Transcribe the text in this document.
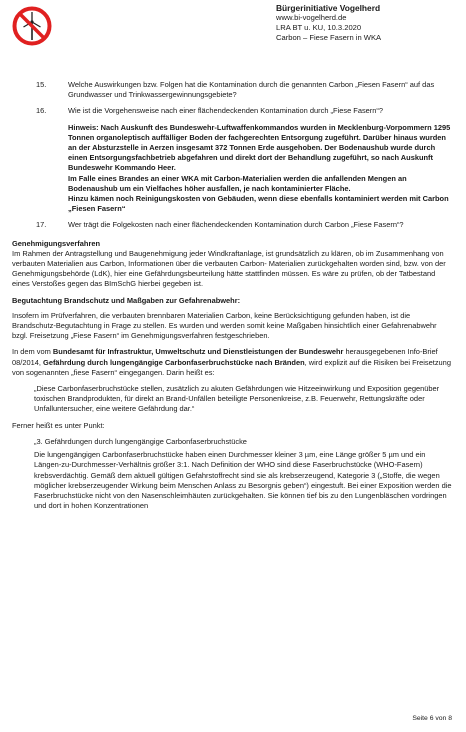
Bürgerinitiative Vogelherd
www.bi-vogelherd.de
LRA BT u. KU, 10.3.2020
Carbon – Fiese Fasern in WKA
15.	Welche Auswirkungen bzw. Folgen hat die Kontamination durch die genannten Carbon „Fiesen Fasern“ auf das Grundwasser und Trinkwassergewinnungsgebiete?
16.	Wie ist die Vorgehensweise nach einer flächendeckenden Kontamination durch „Fiese Fasern“?

Hinweis: Nach Auskunft des Bundeswehr-Luftwaffenkommandos wurden in Mecklenburg-Vorpommern 1295 Tonnen organoleptisch auffälliger Boden der fachgerechten Entsorgung zugeführt. Darüber hinaus wurden an der Absturzstelle in Aerzen insgesamt 372 Tonnen Erde ausgehoben. Der Bodenaushub wurde durch einen Entsorgungsfachbetrieb abgefahren und direkt dort der Behandlung zugeführt, so nach Auskunft Bundeswehr Kommando Heer.

Im Falle eines Brandes an einer WKA mit Carbon-Materialien werden die anfallenden Mengen an Bodenaushub um ein Vielfaches höher ausfallen, je nach kontaminierter Fläche.

Hinzu kämen noch Reinigungskosten von Gebäuden, wenn diese ebenfalls kontaminiert werden mit Carbon „Fiesen Fasern“

17.	Wer trägt die Folgekosten nach einer flächendeckenden Kontamination durch Carbon „Fiese Fasern“?

Genehmigungsverfahren

Im Rahmen der Antragstellung und Baugenehmigung jeder Windkraftanlage, ist grundsätzlich zu klären, ob im Zusammenhang von verbauten Materialien aus Carbon, Informationen über die verbauten Carbon- Materialien zurückgehalten worden sind, bzw. von der Genehmigungsbehörde (LdK), hier eine Gefährdungsbeurteilung hätte stattfinden müssen. Es wäre zu prüfen, ob der Tatbestand eines Verstoßes gegen das BImSchG hierbei gegeben ist.

Begutachtung Brandschutz und Maßgaben zur Gefahrenabwehr:

Insofern im Prüfverfahren, die verbauten brennbaren Materialien Carbon, keine Berücksichtigung gefunden haben, ist die Brandschutz-Begutachtung in Frage zu stellen. Es wurden und werden somit keine Maßgaben hinsichtlich einer Gefahrenabwehr bzgl. Freisetzung „Fiese Fasern“ im Genehmigungsverfahren festgeschrieben.

In dem vom Bundesamt für Infrastruktur, Umweltschutz und Dienstleistungen der Bundeswehr herausgegebenen Info-Brief 08/2014, Gefährdung durch lungengängige Carbonfaserbruchstücke nach Bränden, wird explizit auf die Risiken bei Freisetzung von sogenannten „fiese Fasern“ eingegangen. Darin heißt es:

„Diese Carbonfaserbruchstücke stellen, zusätzlich zu akuten Gefährdungen wie Hitzeeinwirkung und Exposition gegenüber toxischen Brandprodukten, für direkt an Brand-Unfällen beteiligte Personenkreise, z.B. Feuerwehr, Rettungskräfte oder Unfalluntersucher, eine weitere Gefährdung dar.“

Ferner heißt es unter Punkt:

„3. Gefährdungen durch lungengängige Carbonfaserbruchstücke

Die lungengängigen Carbonfaserbruchstücke haben einen Durchmesser kleiner 3 µm, eine Länge größer 5 µm und ein Längen-zu-Durchmesser-Verhältnis größer 3:1. Nach Definition der WHO sind diese Faserbruchstücke (WHO-Fasern) krebsverdächtig. Gemäß dem aktuell gültigen Gefahrstoffrecht sind sie als krebserzeugend, Kategorie 3 („Stoffe, die wegen möglicher krebserzeugender Wirkung beim Menschen Anlass zu Besorgnis geben“) eingestuft. Bei einer Exposition werden die Faserbruchstücke nicht von den Nasenschleimhäuten zurückgehalten. Sie können tief bis zu den Lungenbläschen vordringen und dort in hohen Konzentrationen

Seite 6 von 8
